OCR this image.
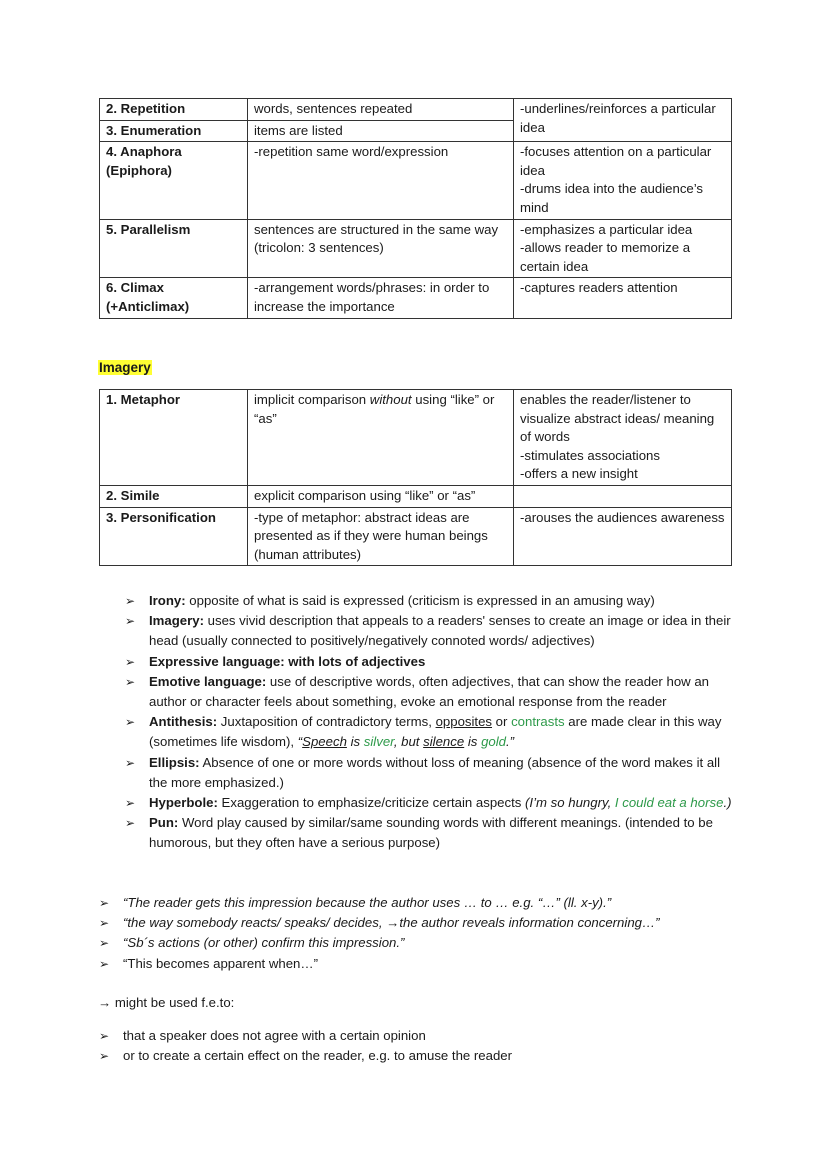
2. Repetition	words, sentences repeated	-underlines/reinforces a particular idea
3. Enumeration	items are listed	
4. Anaphora (Epiphora)	-repetition same word/expression	-focuses attention on a particular idea
-drums idea into the audience’s mind
5. Parallelism	sentences are structured in the same way (tricolon: 3 sentences)	-emphasizes a particular idea
-allows reader to memorize a certain idea
6. Climax (+Anticlimax)	-arrangement words/phrases: in order to increase the importance	-captures readers attention
Imagery
1. Metaphor	implicit comparison without using “like” or “as”	enables the reader/listener to visualize abstract ideas/ meaning of words
-stimulates associations
-offers a new insight
2. Simile	explicit comparison using “like” or “as”	
3. Personification	-type of metaphor: abstract ideas are presented as if they were human beings (human attributes)	-arouses the audiences awareness
➢ Irony: opposite of what is said is expressed (criticism is expressed in an amusing way)
➢ Imagery: uses vivid description that appeals to a readers' senses to create an image or idea in their head (usually connected to positively/negatively connoted words/ adjectives)
➢ Expressive language: with lots of adjectives
➢ Emotive language: use of descriptive words, often adjectives, that can show the reader how an author or character feels about something, evoke an emotional response from the reader
➢ Antithesis: Juxtaposition of contradictory terms, opposites or contrasts are made clear in this way (sometimes life wisdom), “Speech is silver, but silence is gold.”
➢ Ellipsis: Absence of one or more words without loss of meaning (absence of the word makes it all the more emphasized.)
➢ Hyperbole: Exaggeration to emphasize/criticize certain aspects (I’m so hungry, I could eat a horse.)
➢ Pun: Word play caused by similar/same sounding words with different meanings. (intended to be humorous, but they often have a serious purpose)
➢ “The reader gets this impression because the author uses … to … e.g. “…” (ll. x-y).”
➢ “the way somebody reacts/ speaks/ decides, →the author reveals information concerning…”
➢ “Sb´s actions (or other) confirm this impression.”
➢ “This becomes apparent when…”
→ might be used f.e.to:
➢ that a speaker does not agree with a certain opinion
➢ or to create a certain effect on the reader, e.g. to amuse the reader
